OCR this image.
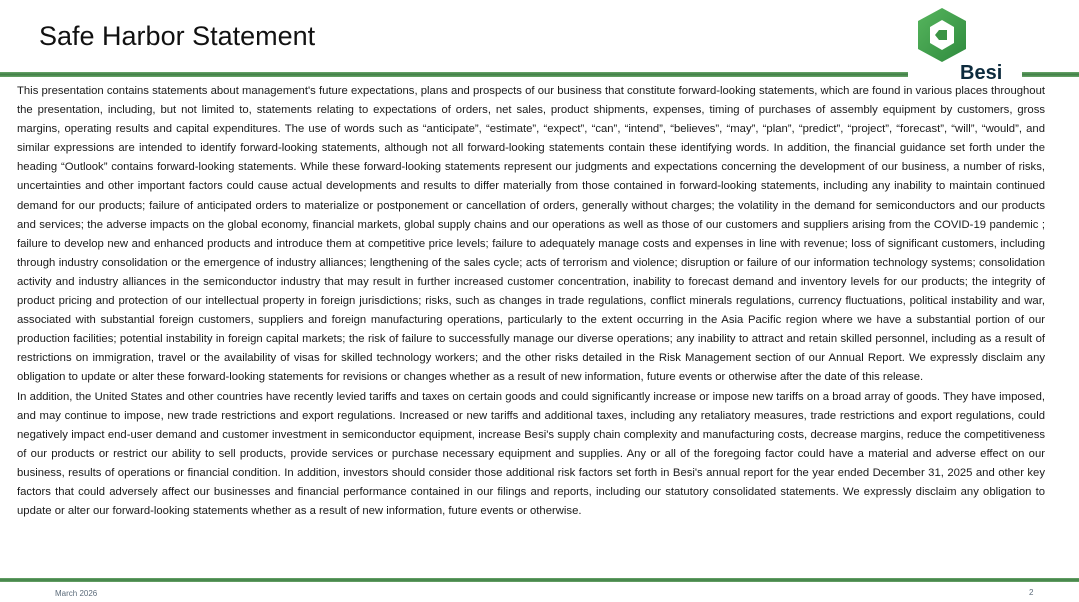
Safe Harbor Statement
Besi

This presentation contains statements about management's future expectations, plans and prospects of our business that constitute forward-looking statements, which are found in various places throughout the presentation, including, but not limited to, statements relating to expectations of orders, net sales, product shipments, expenses, timing of purchases of assembly equipment by customers, gross margins, operating results and capital expenditures. The use of words such as “anticipate”, “estimate”, “expect”, “can”, “intend”, “believes”, “may”, “plan”, “predict”, “project”, “forecast”, “will”, “would”, and similar expressions are intended to identify forward-looking statements, although not all forward-looking statements contain these identifying words. In addition, the financial guidance set forth under the heading “Outlook” contains forward-looking statements. While these forward-looking statements represent our judgments and expectations concerning the development of our business, a number of risks, uncertainties and other important factors could cause actual developments and results to differ materially from those contained in forward-looking statements, including any inability to maintain continued demand for our products; failure of anticipated orders to materialize or postponement or cancellation of orders, generally without charges; the volatility in the demand for semiconductors and our products and services; the adverse impacts on the global economy, financial markets, global supply chains and our operations as well as those of our customers and suppliers arising from the COVID-19 pandemic ; failure to develop new and enhanced products and introduce them at competitive price levels; failure to adequately manage costs and expenses in line with revenue; loss of significant customers, including through industry consolidation or the emergence of industry alliances; lengthening of the sales cycle; acts of terrorism and violence; disruption or failure of our information technology systems; consolidation activity and industry alliances in the semiconductor industry that may result in further increased customer concentration, inability to forecast demand and inventory levels for our products; the integrity of product pricing and protection of our intellectual property in foreign jurisdictions; risks, such as changes in trade regulations, conflict minerals regulations, currency fluctuations, political instability and war, associated with substantial foreign customers, suppliers and foreign manufacturing operations, particularly to the extent occurring in the Asia Pacific region where we have a substantial portion of our production facilities; potential instability in foreign capital markets; the risk of failure to successfully manage our diverse operations; any inability to attract and retain skilled personnel, including as a result of restrictions on immigration, travel or the availability of visas for skilled technology workers; and the other risks detailed in the Risk Management section of our Annual Report. We expressly disclaim any obligation to update or alter these forward-looking statements for revisions or changes whether as a result of new information, future events or otherwise after the date of this release.

In addition, the United States and other countries have recently levied tariffs and taxes on certain goods and could significantly increase or impose new tariffs on a broad array of goods. They have imposed, and may continue to impose, new trade restrictions and export regulations. Increased or new tariffs and additional taxes, including any retaliatory measures, trade restrictions and export regulations, could negatively impact end-user demand and customer investment in semiconductor equipment, increase Besi's supply chain complexity and manufacturing costs, decrease margins, reduce the competitiveness of our products or restrict our ability to sell products, provide services or purchase necessary equipment and supplies. Any or all of the foregoing factor could have a material and adverse effect on our business, results of operations or financial condition. In addition, investors should consider those additional risk factors set forth in Besi's annual report for the year ended December 31, 2025 and other key factors that could adversely affect our businesses and financial performance contained in our filings and reports, including our statutory consolidated statements. We expressly disclaim any obligation to update or alter our forward-looking statements whether as a result of new information, future events or otherwise.

March 2026	2
